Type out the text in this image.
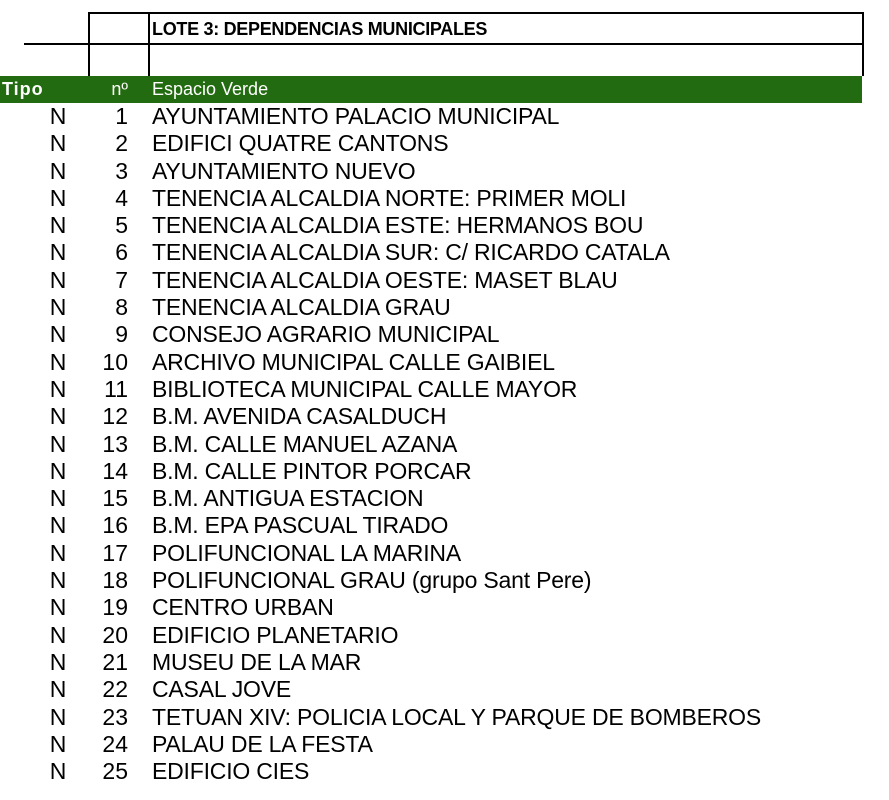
LOTE 3: DEPENDENCIAS MUNICIPALES
Tipo	nº Espacio Verde
N	1 AYUNTAMIENTO PALACIO MUNICIPAL
N	2 EDIFICI QUATRE CANTONS
N	3 AYUNTAMIENTO NUEVO
N	4 TENENCIA ALCALDIA NORTE: PRIMER MOLI
N	5 TENENCIA ALCALDIA ESTE: HERMANOS BOU
N	6 TENENCIA ALCALDIA SUR: C/ RICARDO CATALA
N	7 TENENCIA ALCALDIA OESTE: MASET BLAU
N	8 TENENCIA ALCALDIA GRAU
N	9 CONSEJO AGRARIO MUNICIPAL
N	10 ARCHIVO MUNICIPAL CALLE GAIBIEL
N	11 BIBLIOTECA MUNICIPAL CALLE MAYOR
N	12 B.M. AVENIDA CASALDUCH
N	13 B.M. CALLE MANUEL AZANA
N	14 B.M. CALLE PINTOR PORCAR
N	15 B.M. ANTIGUA ESTACION
N	16 B.M. EPA PASCUAL TIRADO
N	17 POLIFUNCIONAL LA MARINA
N	18 POLIFUNCIONAL GRAU (grupo Sant Pere)
N	19 CENTRO URBAN
N	20 EDIFICIO PLANETARIO
N	21 MUSEU DE LA MAR
N	22 CASAL JOVE
N	23 TETUAN XIV: POLICIA LOCAL Y PARQUE DE BOMBEROS
N	24 PALAU DE LA FESTA
N	25 EDIFICIO CIES
